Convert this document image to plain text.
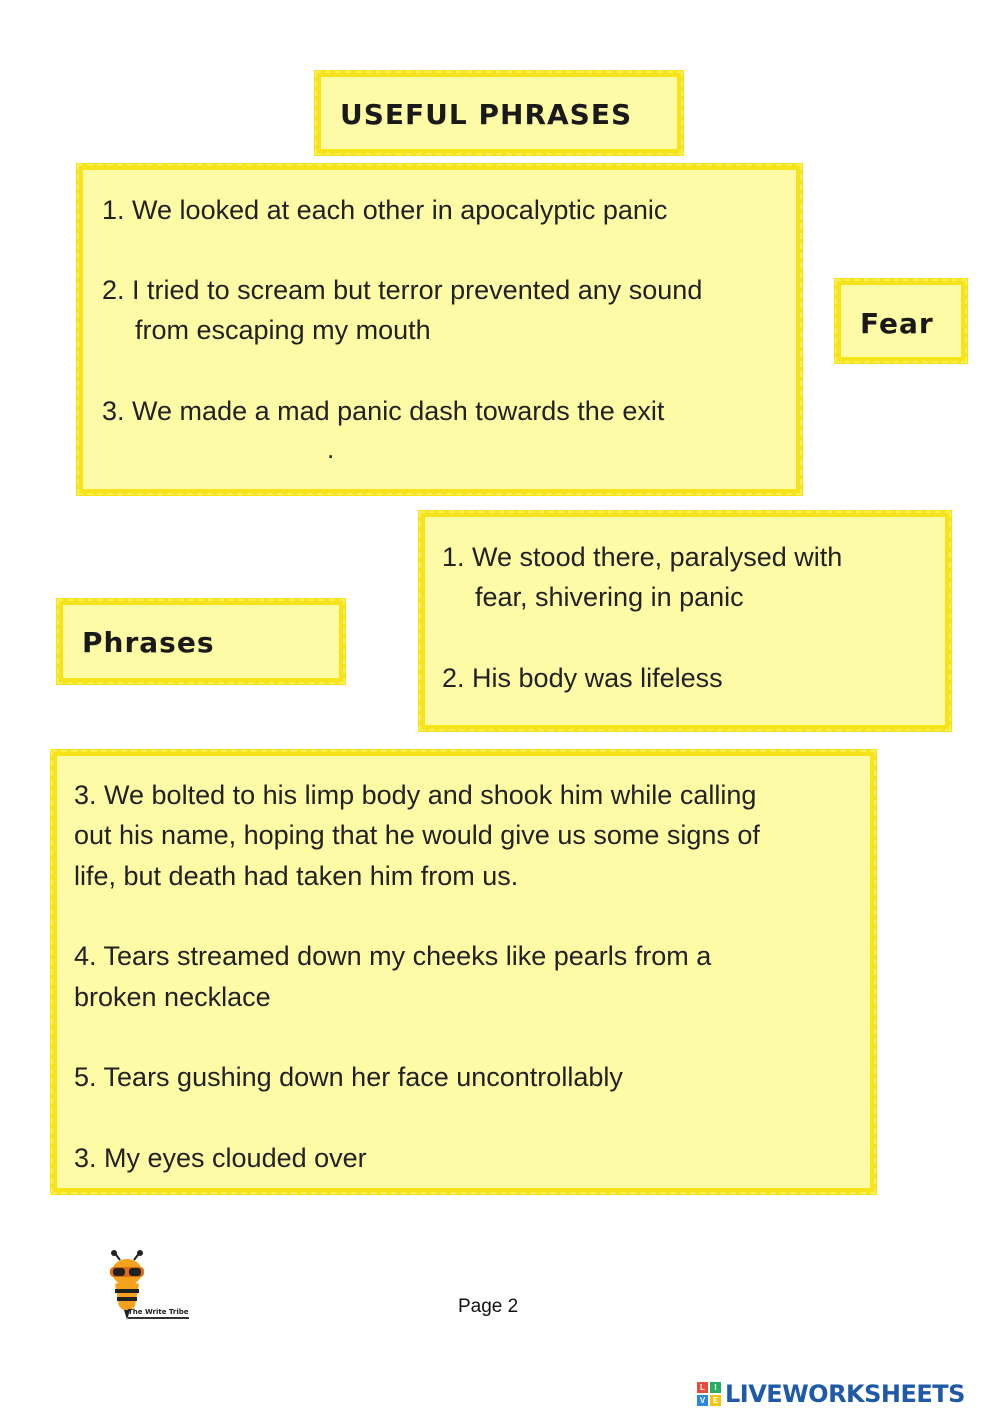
USEFUL PHRASES
1. We looked at each other in apocalyptic panic
2. I tried to scream but terror prevented any sound
from escaping my mouth
3. We made a mad panic dash towards the exit
.
Fear
Phrases
1. We stood there, paralysed with
fear, shivering in panic
2. His body was lifeless
3. We bolted to his limp body and shook him while calling
out his name, hoping that he would give us some signs of
life, but death had taken him from us.
4. Tears streamed down my cheeks like pearls from a
broken necklace
5. Tears gushing down her face uncontrollably
3. My eyes clouded over
The Write Tribe	Page 2
L	I
V E LIVEWORKSHEETS
